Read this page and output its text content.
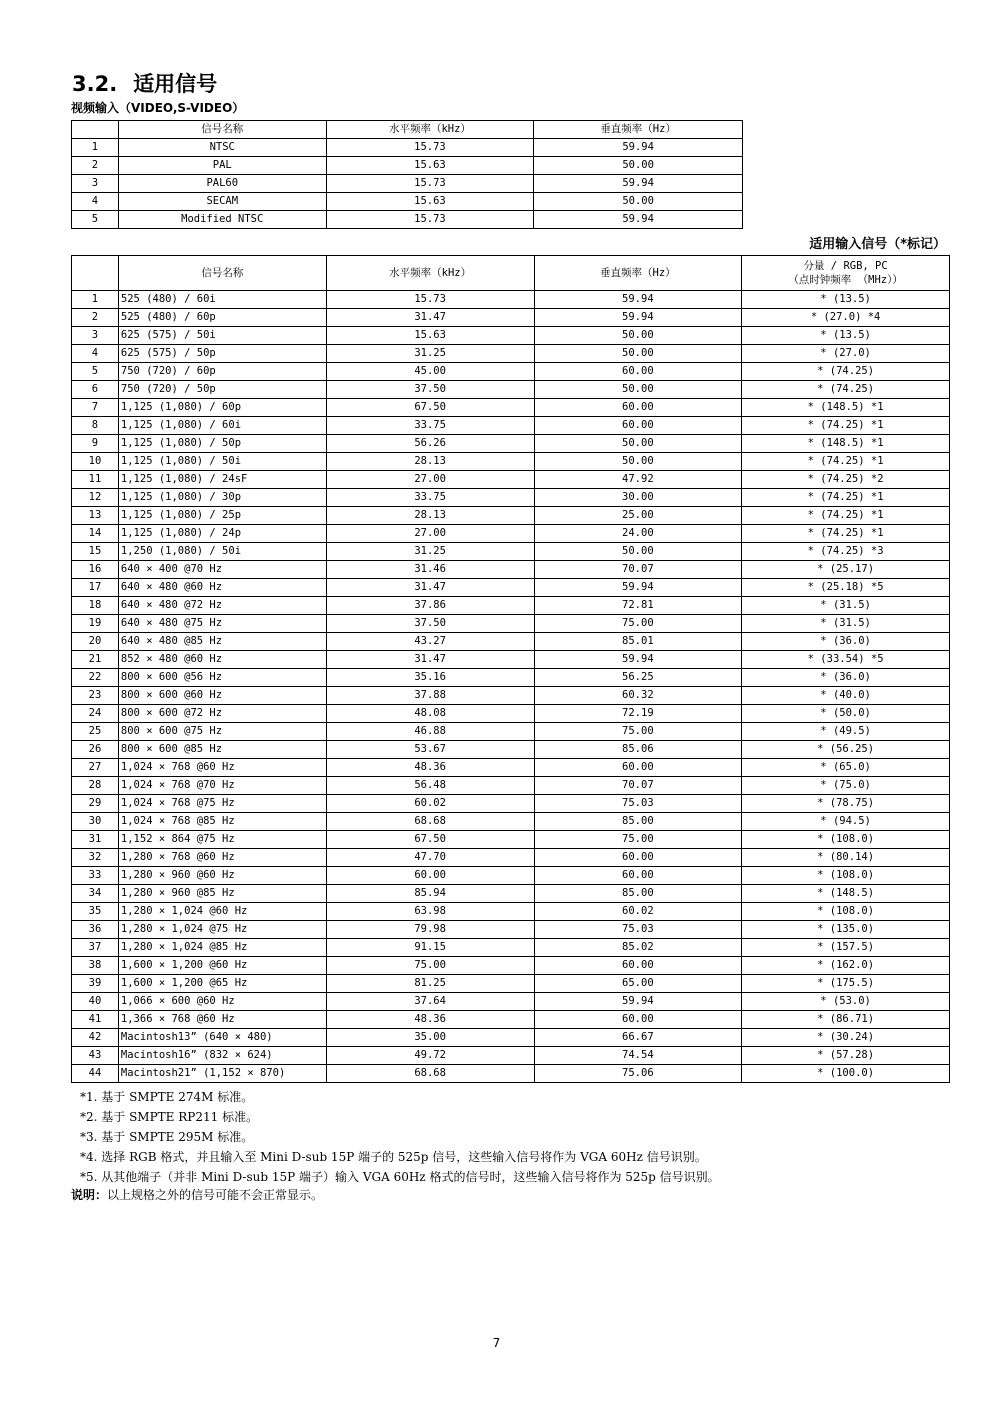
3.2. 适用信号
视频输入（VIDEO,S-VIDEO）
	信号名称	水平频率（kHz）	垂直频率（Hz）
1	NTSC	15.73	59.94
2	PAL	15.63	50.00
3	PAL60	15.73	59.94
4	SECAM	15.63	50.00
5	Modified NTSC	15.73	59.94
适用输入信号（*标记）
	信号名称	水平频率（kHz）	垂直频率（Hz）	分量 / RGB, PC
（点时钟频率 （MHz））

1	525 (480) / 60i	15.73	59.94	* (13.5)
2	525 (480) / 60p	31.47	59.94	* (27.0) *4
3	625 (575) / 50i	15.63	50.00	* (13.5)
4	625 (575) / 50p	31.25	50.00	* (27.0)
5	750 (720) / 60p	45.00	60.00	* (74.25)
6	750 (720) / 50p	37.50	50.00	* (74.25)
7	1,125 (1,080) / 60p	67.50	60.00	* (148.5) *1
8	1,125 (1,080) / 60i	33.75	60.00	* (74.25) *1
9	1,125 (1,080) / 50p	56.26	50.00	* (148.5) *1
10	1,125 (1,080) / 50i	28.13	50.00	* (74.25) *1
11	1,125 (1,080) / 24sF	27.00	47.92	* (74.25) *2
12	1,125 (1,080) / 30p	33.75	30.00	* (74.25) *1
13	1,125 (1,080) / 25p	28.13	25.00	* (74.25) *1
14	1,125 (1,080) / 24p	27.00	24.00	* (74.25) *1
15	1,250 (1,080) / 50i	31.25	50.00	* (74.25) *3
16	640 × 400 @70 Hz	31.46	70.07	* (25.17)
17	640 × 480 @60 Hz	31.47	59.94	* (25.18) *5
18	640 × 480 @72 Hz	37.86	72.81	* (31.5)
19	640 × 480 @75 Hz	37.50	75.00	* (31.5)
20	640 × 480 @85 Hz	43.27	85.01	* (36.0)
21	852 × 480 @60 Hz	31.47	59.94	* (33.54) *5
22	800 × 600 @56 Hz	35.16	56.25	* (36.0)
23	800 × 600 @60 Hz	37.88	60.32	* (40.0)
24	800 × 600 @72 Hz	48.08	72.19	* (50.0)
25	800 × 600 @75 Hz	46.88	75.00	* (49.5)
26	800 × 600 @85 Hz	53.67	85.06	* (56.25)
27	1,024 × 768 @60 Hz	48.36	60.00	* (65.0)
28	1,024 × 768 @70 Hz	56.48	70.07	* (75.0)
29	1,024 × 768 @75 Hz	60.02	75.03	* (78.75)
30	1,024 × 768 @85 Hz	68.68	85.00	* (94.5)
31	1,152 × 864 @75 Hz	67.50	75.00	* (108.0)
32	1,280 × 768 @60 Hz	47.70	60.00	* (80.14)
33	1,280 × 960 @60 Hz	60.00	60.00	* (108.0)
34	1,280 × 960 @85 Hz	85.94	85.00	* (148.5)
35	1,280 × 1,024 @60 Hz	63.98	60.02	* (108.0)
36	1,280 × 1,024 @75 Hz	79.98	75.03	* (135.0)
37	1,280 × 1,024 @85 Hz	91.15	85.02	* (157.5)
38	1,600 × 1,200 @60 Hz	75.00	60.00	* (162.0)
39	1,600 × 1,200 @65 Hz	81.25	65.00	* (175.5)
40	1,066 × 600 @60 Hz	37.64	59.94	* (53.0)
41	1,366 × 768 @60 Hz	48.36	60.00	* (86.71)
42	Macintosh13” (640 × 480)	35.00	66.67	* (30.24)
43	Macintosh16” (832 × 624)	49.72	74.54	* (57.28)
44	Macintosh21” (1,152 × 870)	68.68	75.06	* (100.0)
*1. 基于 SMPTE 274M 标准。
*2. 基于 SMPTE RP211 标准。
*3. 基于 SMPTE 295M 标准。
*4. 选择 RGB 格式，并且输入至 Mini D-sub 15P 端子的 525p 信号，这些输入信号将作为 VGA 60Hz 信号识别。
*5. 从其他端子（并非 Mini D-sub 15P 端子）输入 VGA 60Hz 格式的信号时，这些输入信号将作为 525p 信号识别。
说明：以上规格之外的信号可能不会正常显示。
7
